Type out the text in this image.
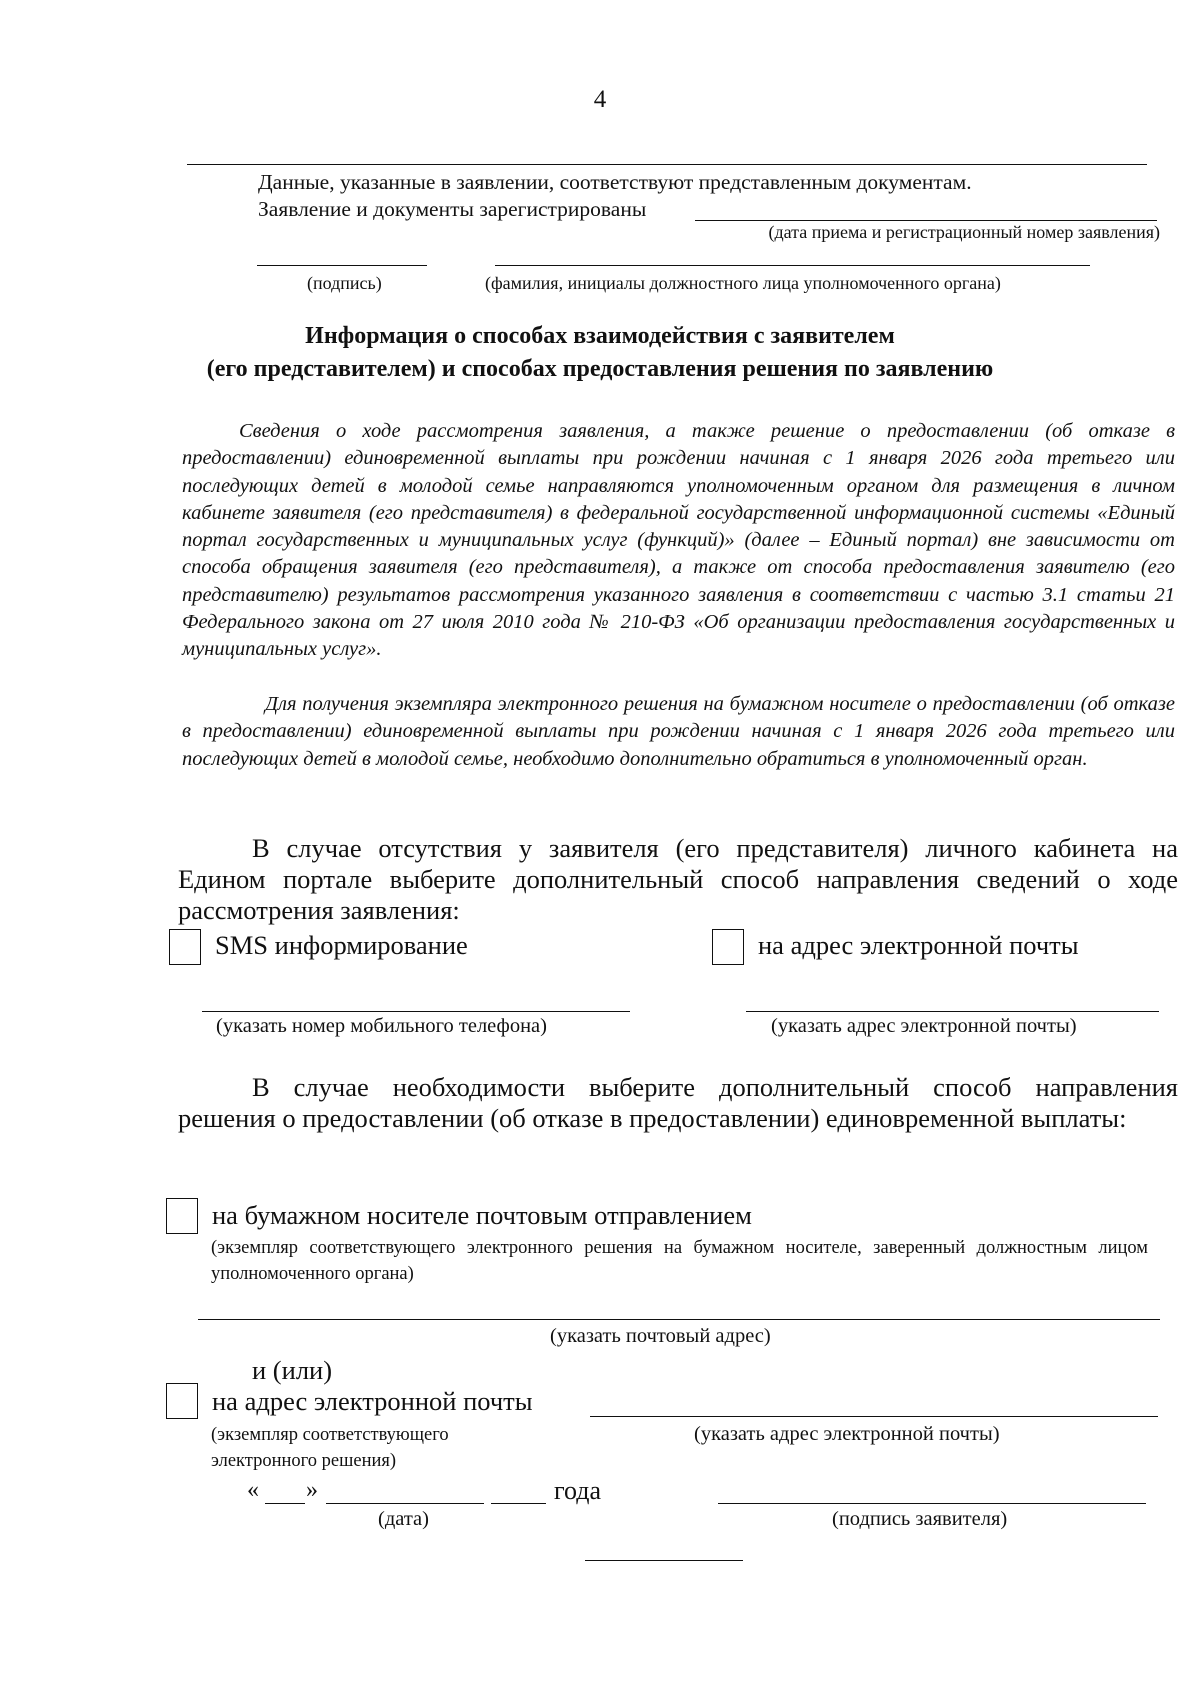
4
Данные, указанные в заявлении, соответствуют представленным документам.
Заявление и документы зарегистрированы
(дата приема и регистрационный номер заявления)
(подпись)	(фамилия, инициалы должностного лица уполномоченного органа)
Информация о способах взаимодействия с заявителем
(его представителем) и способах предоставления решения по заявлению
Сведения о ходе рассмотрения заявления, а также решение о предоставлении (об отказе в предоставлении) единовременной выплаты при рождении начиная с 1 января 2026 года третьего или последующих детей в молодой семье направляются уполномоченным органом для размещения в личном кабинете заявителя (его представителя) в федеральной государственной информационной системы «Единый портал государственных и муниципальных услуг (функций)» (далее – Единый портал) вне зависимости от способа обращения заявителя (его представителя), а также от способа предоставления заявителю (его представителю) результатов рассмотрения указанного заявления в соответствии с частью 3.1 статьи 21 Федерального закона от 27 июля 2010 года № 210-ФЗ «Об организации предоставления государственных и муниципальных услуг».
Для получения экземпляра электронного решения на бумажном носителе о предоставлении (об отказе в предоставлении) единовременной выплаты при рождении начиная с 1 января 2026 года третьего или последующих детей в молодой семье, необходимо дополнительно обратиться в уполномоченный орган.
В случае отсутствия у заявителя (его представителя) личного кабинета на Едином портале выберите дополнительный способ направления сведений о ходе рассмотрения заявления:
SMS информирование	на адрес электронной почты
(указать номер мобильного телефона)	(указать адрес электронной почты)
В случае необходимости выберите дополнительный способ направления решения о предоставлении (об отказе в предоставлении) единовременной выплаты:
на бумажном носителе почтовым отправлением
(экземпляр соответствующего электронного решения на бумажном носителе, заверенный должностным лицом уполномоченного органа)
(указать почтовый адрес)
и (или)
на адрес электронной почты
(экземпляр соответствующего
электронного решения)
(указать адрес электронной почты)
« »	года
(дата)	(подпись заявителя)
